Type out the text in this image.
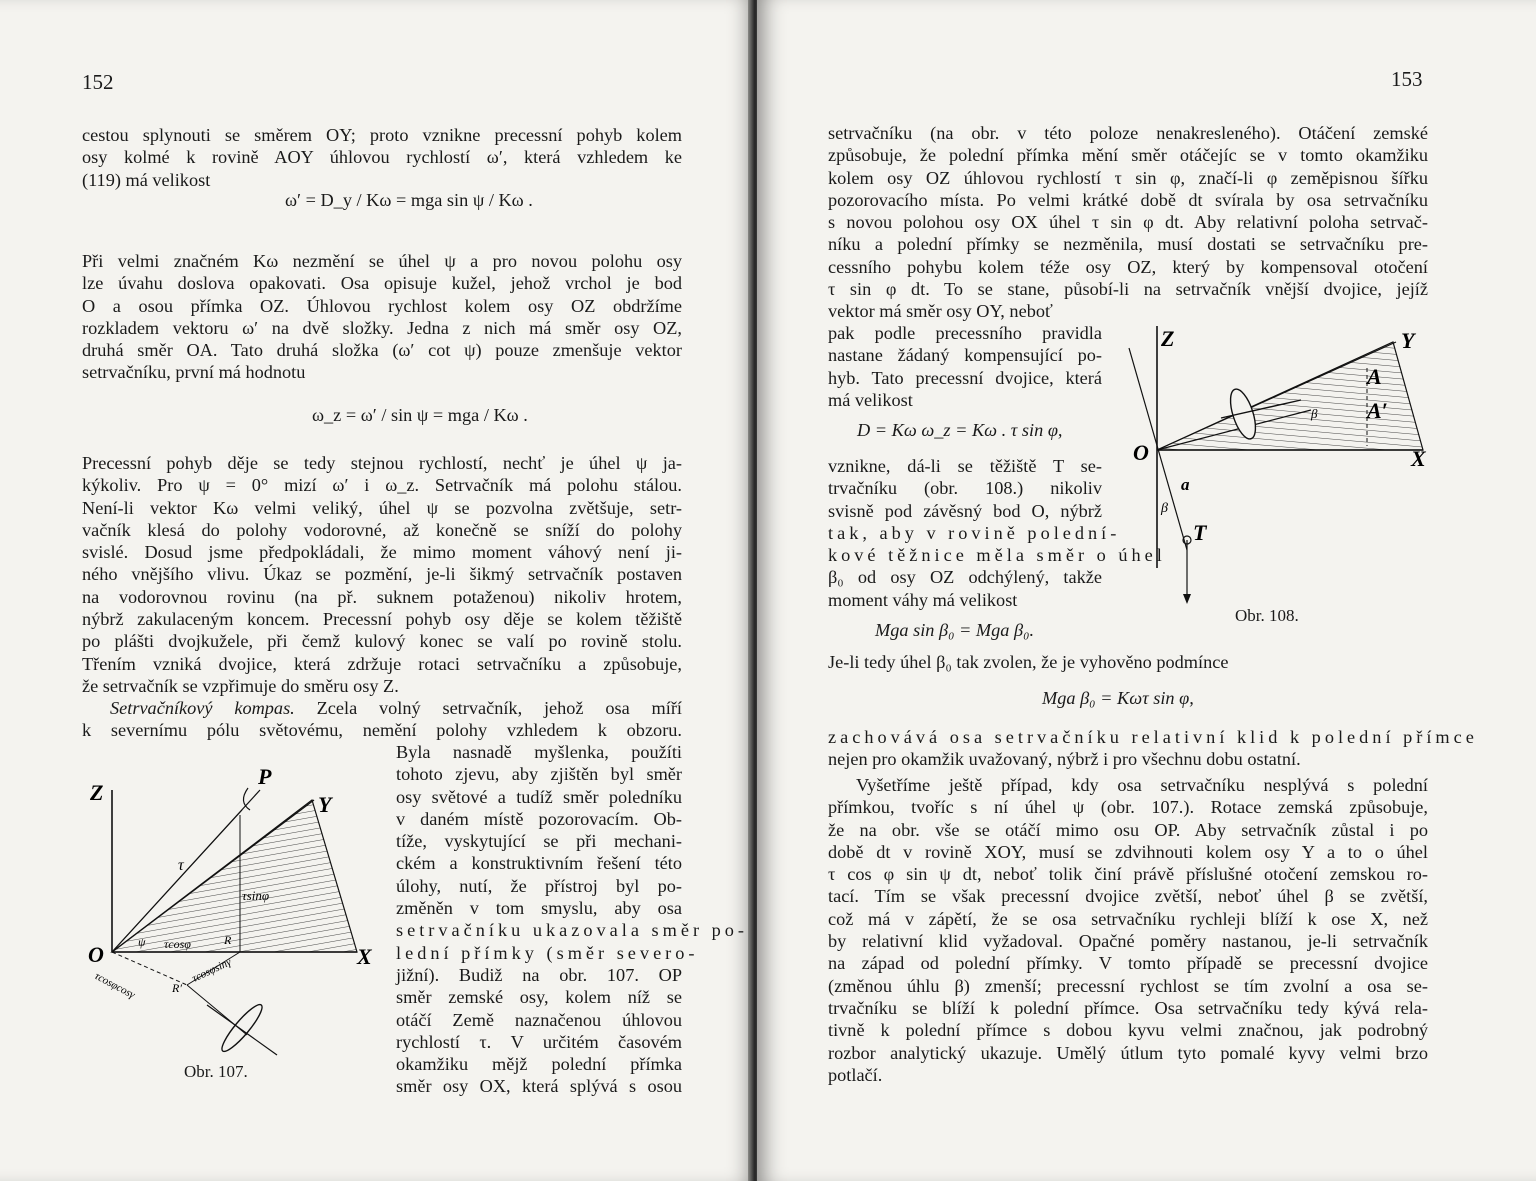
152
cestou splynouti se směrem OY; proto vznikne precessní pohyb kolem
osy kolmé k rovině AOY úhlovou rychlostí ω′, která vzhledem ke
(119) má velikost
ω′ = D_y / Kω = mga sin ψ / Kω .
Při velmi značném Kω nezmění se úhel ψ a pro novou polohu osy
lze úvahu doslova opakovati. Osa opisuje kužel, jehož vrchol je bod
O a osou přímka OZ. Úhlovou rychlost kolem osy OZ obdržíme
rozkladem vektoru ω′ na dvě složky. Jedna z nich má směr osy OZ,
druhá směr OA. Tato druhá složka (ω′ cot ψ) pouze zmenšuje vektor
setrvačníku, první má hodnotu
ω_z = ω′ / sin ψ = mga / Kω .
Precessní pohyb děje se tedy stejnou rychlostí, nechť je úhel ψ ja-
kýkoliv. Pro ψ = 0° mizí ω′ i ω_z. Setrvačník má polohu stálou.
Není-li vektor Kω velmi veliký, úhel ψ se pozvolna zvětšuje, setr-
vačník klesá do polohy vodorovné, až konečně se sníží do polohy
svislé. Dosud jsme předpokládali, že mimo moment váhový není ji-
ného vnějšího vlivu. Úkaz se pozmění, je-li šikmý setrvačník postaven
na vodorovnou rovinu (na př. suknem potaženou) nikoliv hrotem,
nýbrž zakulaceným koncem. Precessní pohyb osy děje se kolem těžiště
po plášti dvojkužele, při čemž kulový konec se valí po rovině stolu.
Třením vzniká dvojice, která zdržuje rotaci setrvačníku a způsobuje,
že setrvačník se vzpřimuje do směru osy Z.
Setrvačníkový kompas. Zcela volný setrvačník, jehož osa míří
k severnímu pólu světovému, nemění polohy vzhledem k obzoru.
Byla nasnadě myšlenka, použíti
tohoto zjevu, aby zjištěn byl směr
osy světové a tudíž směr poledníku
v daném místě pozorovacím. Ob-
tíže, vyskytující se při mechani-
ckém a konstruktivním řešení této
úlohy, nutí, že přístroj byl po-
změněn v tom smyslu, aby osa
setrvačníku ukazovala směr po-
lední přímky (směr severo-
jižní). Budiž na obr. 107. OP
směr zemské osy, kolem níž se
otáčí Země naznačenou úhlovou
rychlostí τ. V určitém časovém
okamžiku mějž polední přímka
směr osy OX, která splývá s osou
Z
P
Y
τ
τsinφ
O	X
ψ τcosφ	R
τcosφcosγ	R′
τcosφsinγ
Obr. 107.
153
setrvačníku (na obr. v této poloze nenakresleného). Otáčení zemské
způsobuje, že polední přímka mění směr otáčejíc se v tomto okamžiku
kolem osy OZ úhlovou rychlostí τ sin φ, značí-li φ zeměpisnou šířku
pozorovacího místa. Po velmi krátké době dt svírala by osa setrvačníku
s novou polohou osy OX úhel τ sin φ dt. Aby relativní poloha setrvač-
níku a polední přímky se nezměnila, musí dostati se setrvačníku pre-
cessního pohybu kolem téže osy OZ, který by kompensoval otočení
τ sin φ dt. To se stane, působí-li na setrvačník vnější dvojice, jejíž
vektor má směr osy OY, neboť
pak podle precessního pravidla
nastane žádaný kompensující po-
hyb. Tato precessní dvojice, která
má velikost
D = Kω ω_z = Kω . τ sin φ,
vznikne, dá-li se těžiště T se-
trvačníku (obr. 108.) nikoliv
svisně pod závěsný bod O, nýbrž
tak, aby v rovině polední-
kové těžnice měla směr o úhel
β₀ od osy OZ odchýlený, takže
moment váhy má velikost
Mga sin β₀ = Mga β₀.
Je-li tedy úhel β₀ tak zvolen, že je vyhověno podmínce
Mga β₀ = Kωτ sin φ,
zachovává osa setrvačníku relativní klid k polední přímce
nejen pro okamžik uvažovaný, nýbrž i pro všechnu dobu ostatní.
Vyšetříme ještě případ, kdy osa setrvačníku nesplývá s polední
přímkou, tvoříc s ní úhel ψ (obr. 107.). Rotace zemská způsobuje,
že na obr. vše se otáčí mimo osu OP. Aby setrvačník zůstal i po
době dt v rovině XOY, musí se zdvihnouti kolem osy Y a to o úhel
τ cos φ sin ψ dt, neboť tolik činí právě příslušné otočení zemskou ro-
tací. Tím se však precessní dvojice zvětší, neboť úhel β se zvětší,
což má v zápětí, že se osa setrvačníku rychleji blíží k ose X, než
by relativní klid vyžadoval. Opačné poměry nastanou, je-li setrvačník
na západ od polední přímky. V tomto případě se precessní dvojice
(změnou úhlu β) zmenší; precessní rychlost se tím zvolní a osa se-
trvačníku se blíží k polední přímce. Osa setrvačníku tedy kývá rela-
tivně k polední přímce s dobou kyvu velmi značnou, jak podrobný
rozbor analytický ukazuje. Umělý útlum tyto pomalé kyvy velmi brzo
potlačí.
Z	Y
A
A′
β
O	X
a
β
T
Obr. 108.
